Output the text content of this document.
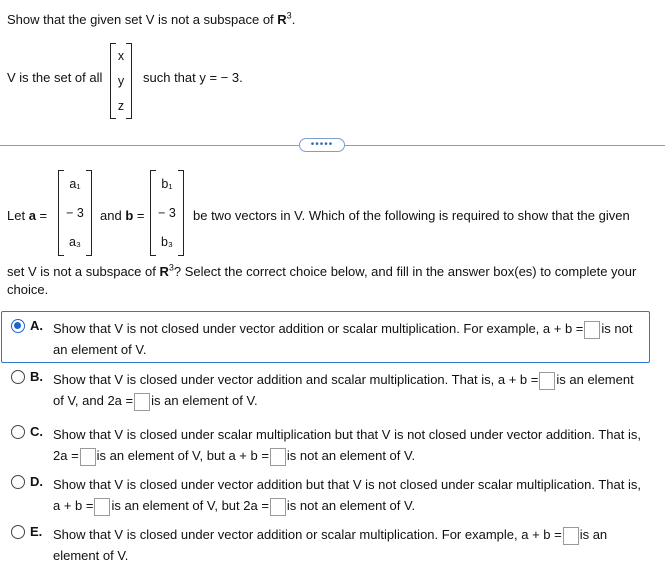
Show that the given set V is not a subspace of $R^3$.
V is the set of all
x
y
z
such that y = − 3.
•••••
Let a =
a₁
− 3
a₃
and b =
b₁
− 3
b₃
be two vectors in V. Which of the following is required to show that the given
set V is not a subspace of $R^3$? Select the correct choice below, and fill in the answer box(es) to complete your
choice.
A. Show that V is not closed under vector addition or scalar multiplication. For example, a + b = is not
an element of V.
B. Show that V is closed under vector addition and scalar multiplication. That is, a + b = is an element
of V, and 2a = is an element of V.
C. Show that V is closed under scalar multiplication but that V is not closed under vector addition. That is,
2a = is an element of V, but a + b = is not an element of V.
D. Show that V is closed under vector addition but that V is not closed under scalar multiplication. That is,
a + b = is an element of V, but 2a = is not an element of V.
E. Show that V is closed under vector addition or scalar multiplication. For example, a + b = is an
element of V.
